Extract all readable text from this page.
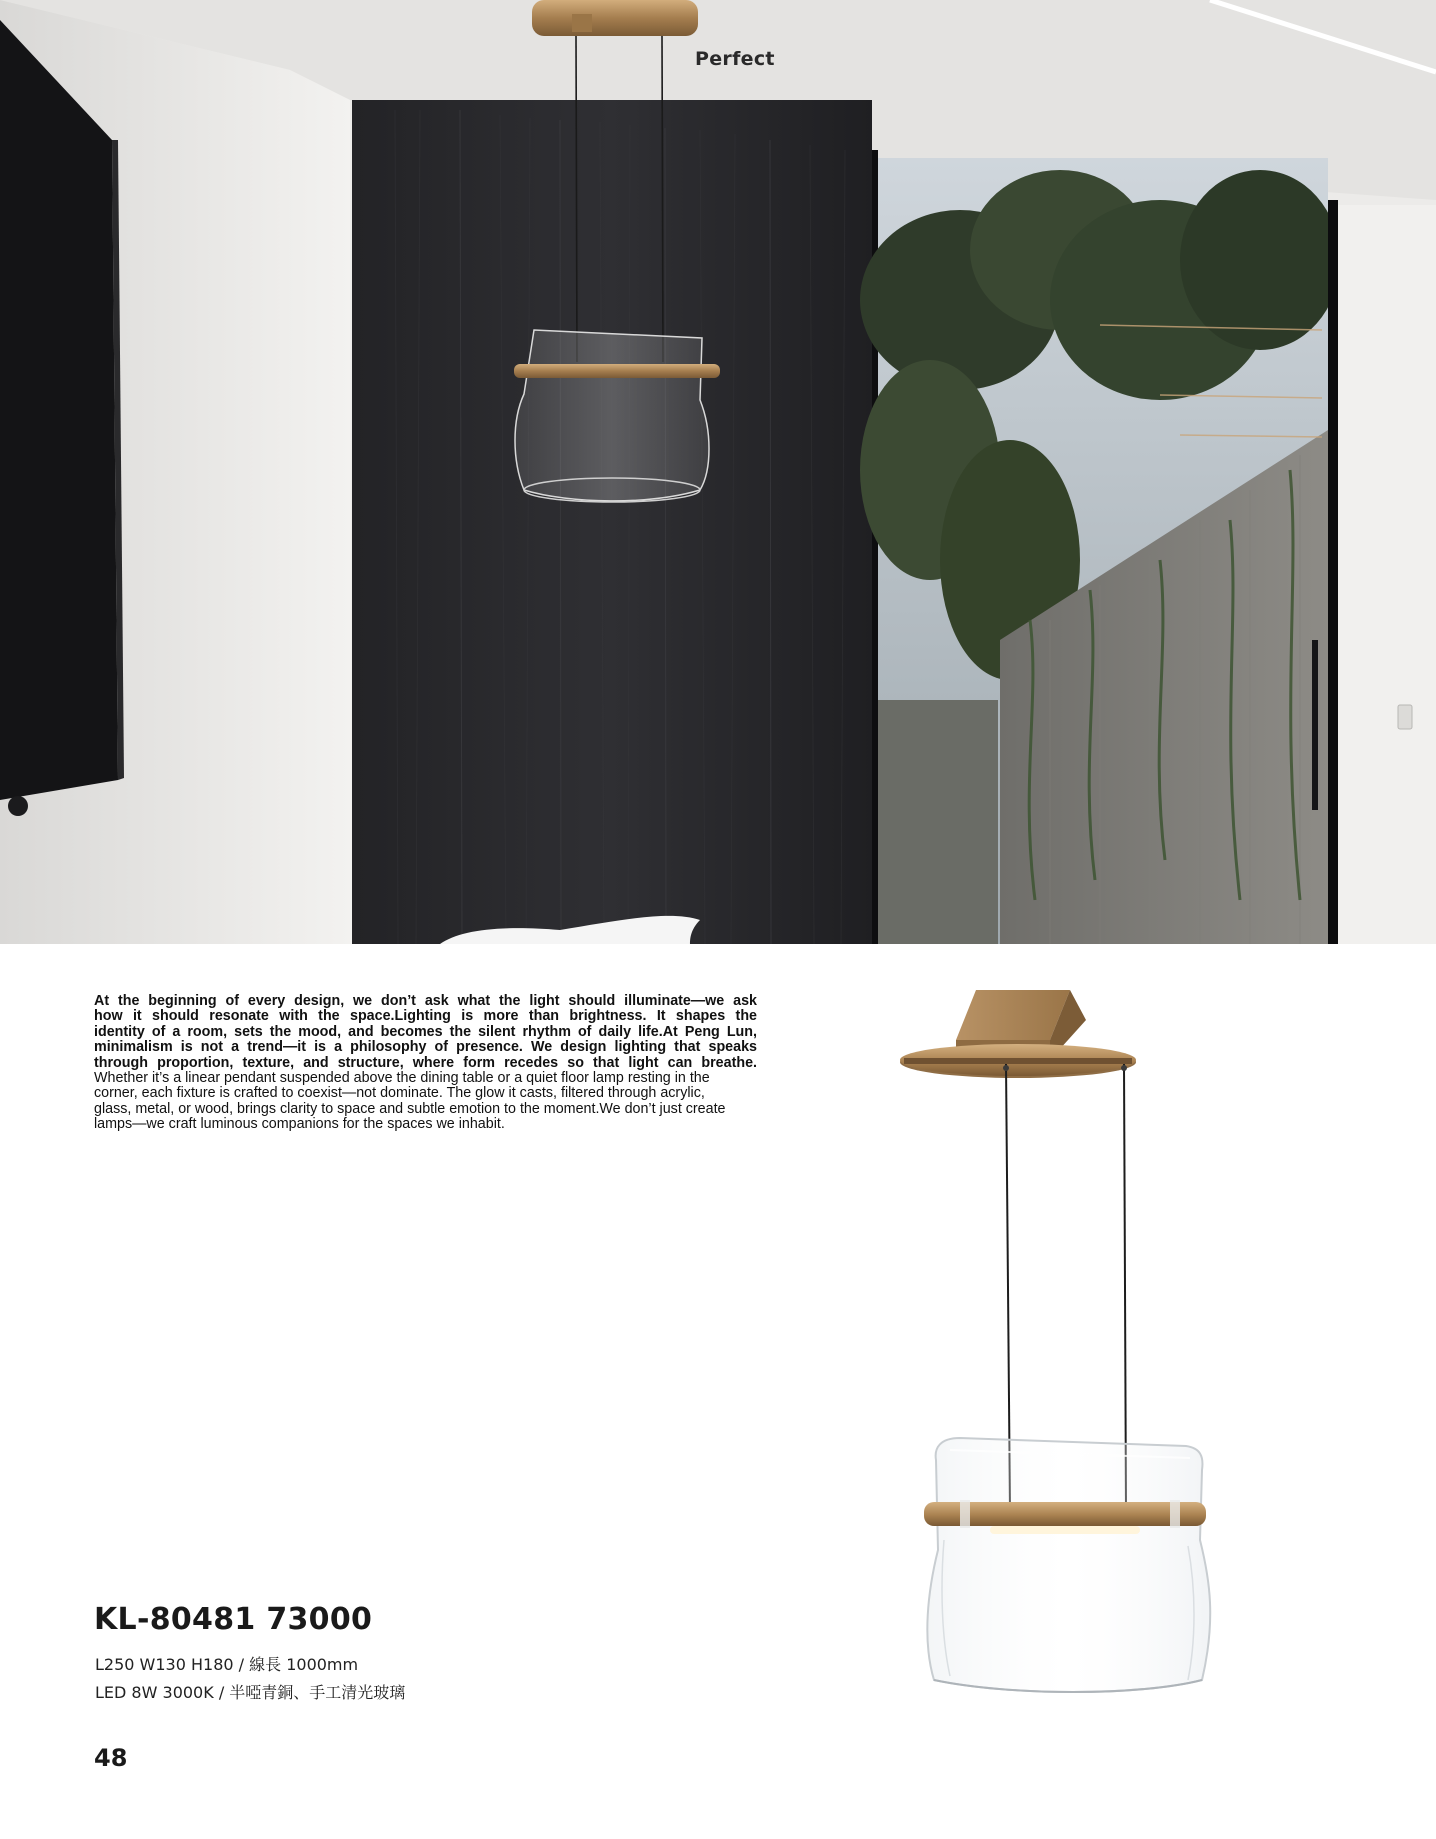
Perfect

At the beginning of every design, we don’t ask what the light should illuminate—we ask
how it should resonate with the space.Lighting is more than brightness. It shapes the
identity of a room, sets the mood, and becomes the silent rhythm of daily life.At Peng Lun,
minimalism is not a trend—it is a philosophy of presence. We design lighting that speaks
through proportion, texture, and structure, where form recedes so that light can breathe.

Whether it’s a linear pendant suspended above the dining table or a quiet floor lamp resting in the
corner, each fixture is crafted to coexist—not dominate. The glow it casts, filtered through acrylic,
glass, metal, or wood, brings clarity to space and subtle emotion to the moment.We don’t just create
lamps—we craft luminous companions for the spaces we inhabit.

KL-80481 73000
L250 W130 H180 / 線長 1000mm
LED 8W 3000K / 半啞青銅、手工清光玻璃
48
